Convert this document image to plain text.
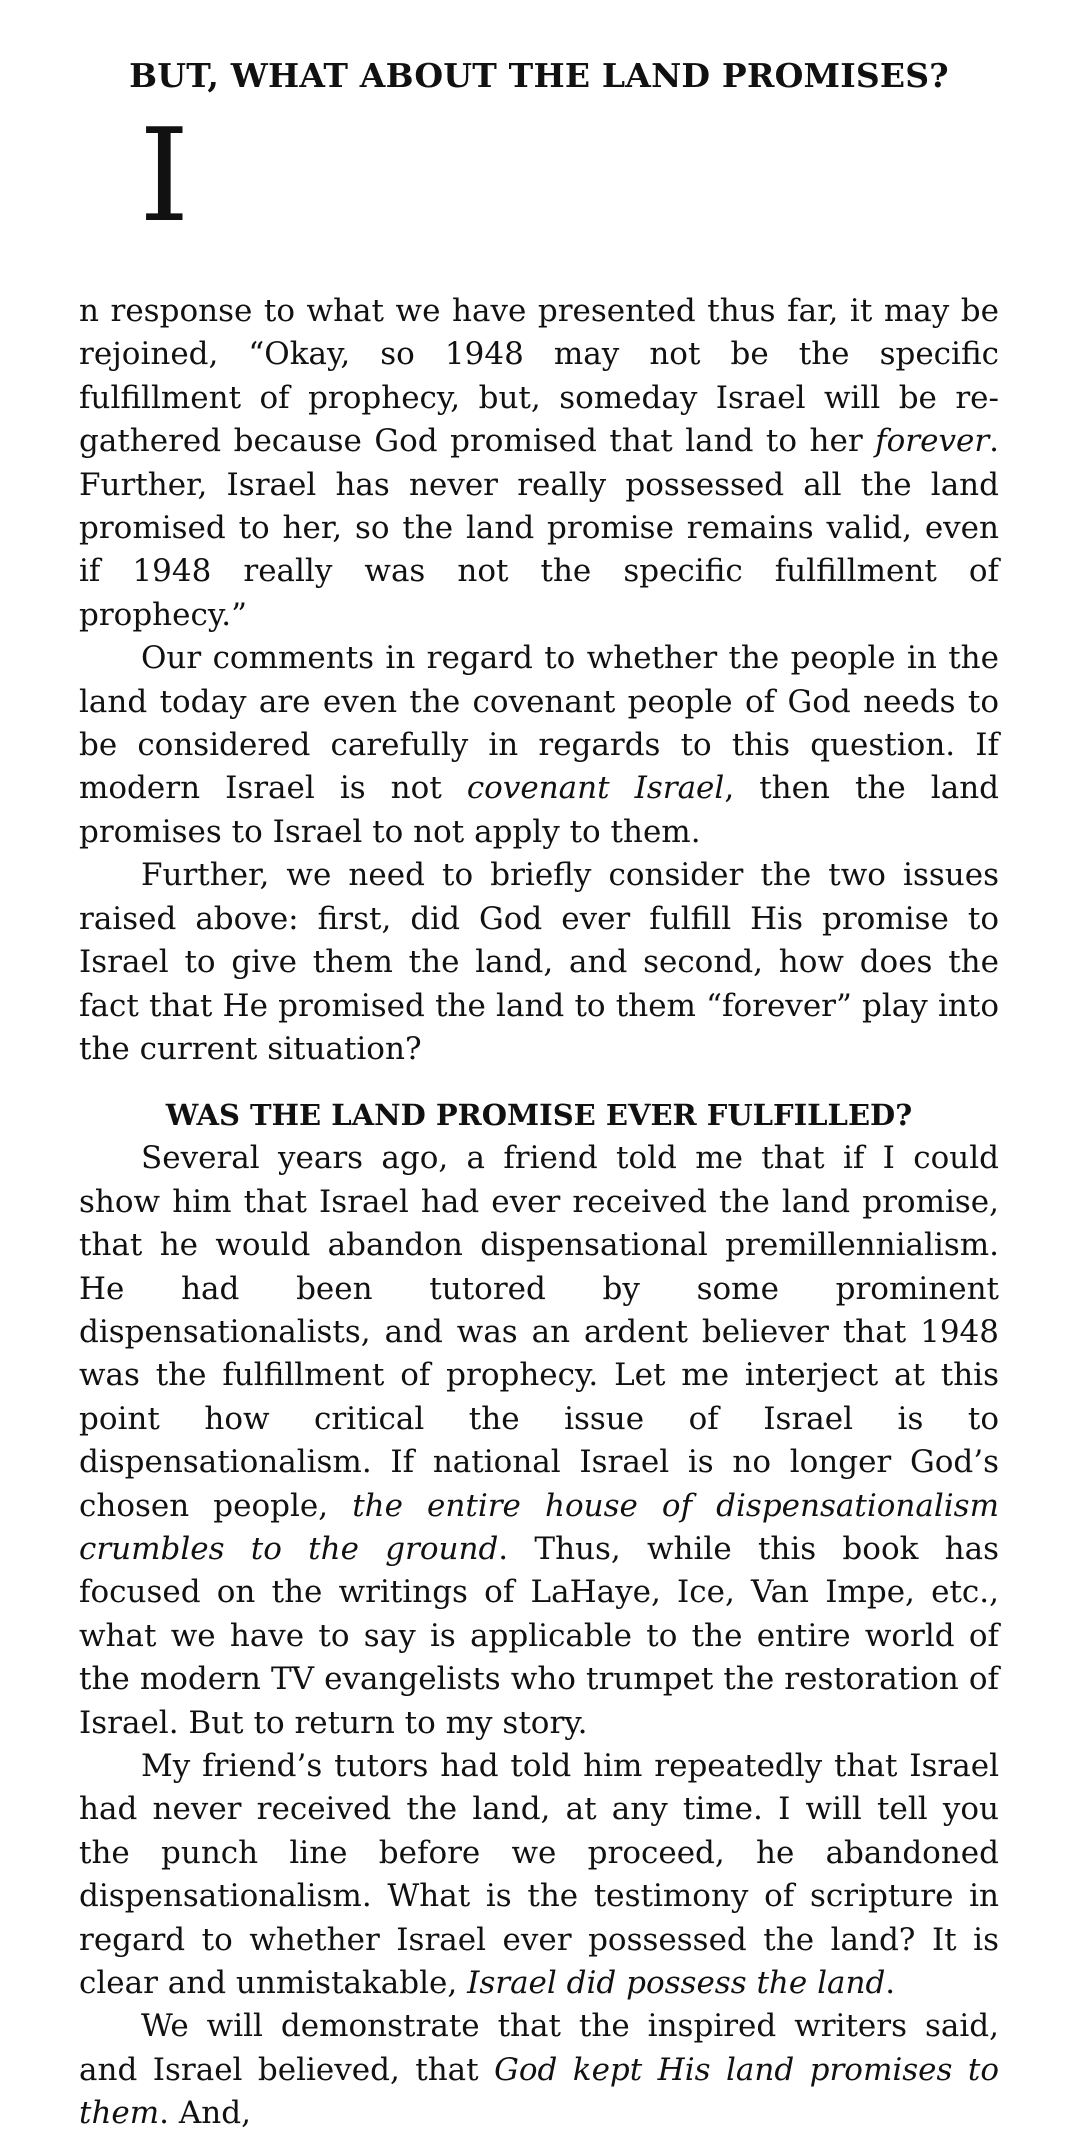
BUT, WHAT ABOUT THE LAND PROMISES?
I

n response to what we have presented thus far, it may be rejoined, “Okay, so 1948 may not be the specific fulfillment of prophecy, but, someday Israel will be re-gathered because God promised that land to her forever. Further, Israel has never really possessed all the land promised to her, so the land promise remains valid, even if 1948 really was not the specific fulfillment of prophecy.”

Our comments in regard to whether the people in the land today are even the covenant people of God needs to be considered carefully in regards to this question. If modern Israel is not covenant Israel, then the land promises to Israel to not apply to them.

Further, we need to briefly consider the two issues raised above: first, did God ever fulfill His promise to Israel to give them the land, and second, how does the fact that He promised the land to them “forever” play into the current situation?

WAS THE LAND PROMISE EVER FULFILLED?

Several years ago, a friend told me that if I could show him that Israel had ever received the land promise, that he would abandon dispensational premillennialism. He had been tutored by some prominent dispensationalists, and was an ardent believer that 1948 was the fulfillment of prophecy. Let me interject at this point how critical the issue of Israel is to dispensationalism. If national Israel is no longer God’s chosen people, the entire house of dispensationalism crumbles to the ground. Thus, while this book has focused on the writings of LaHaye, Ice, Van Impe, etc., what we have to say is applicable to the entire world of the modern TV evangelists who trumpet the restoration of Israel. But to return to my story.

My friend’s tutors had told him repeatedly that Israel had never received the land, at any time. I will tell you the punch line before we proceed, he abandoned dispensationalism. What is the testimony of scripture in regard to whether Israel ever possessed the land? It is clear and unmistakable, Israel did possess the land.

We will demonstrate that the inspired writers said, and Israel believed, that God kept His land promises to them. And,
